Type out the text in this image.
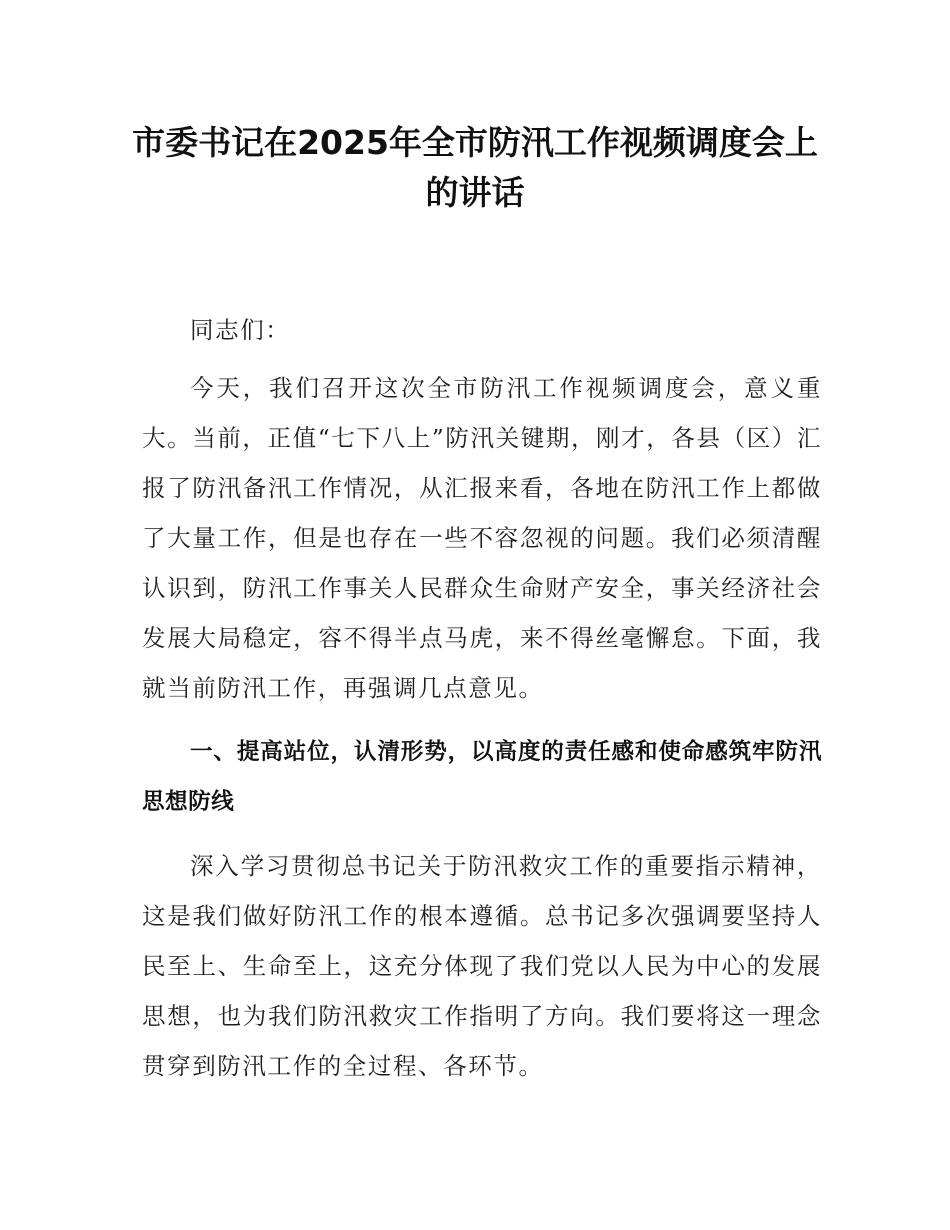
市委书记在2025年全市防汛工作视频调度会上的讲话

同志们：

今天，我们召开这次全市防汛工作视频调度会，意义重大。当前，正值“七下八上”防汛关键期，刚才，各县（区）汇报了防汛备汛工作情况，从汇报来看，各地在防汛工作上都做了大量工作，但是也存在一些不容忽视的问题。我们必须清醒认识到，防汛工作事关人民群众生命财产安全，事关经济社会发展大局稳定，容不得半点马虎，来不得丝毫懈怠。下面，我就当前防汛工作，再强调几点意见。

一、提高站位，认清形势，以高度的责任感和使命感筑牢防汛思想防线

深入学习贯彻总书记关于防汛救灾工作的重要指示精神，这是我们做好防汛工作的根本遵循。总书记多次强调要坚持人民至上、生命至上，这充分体现了我们党以人民为中心的发展思想，也为我们防汛救灾工作指明了方向。我们要将这一理念贯穿到防汛工作的全过程、各环节。
